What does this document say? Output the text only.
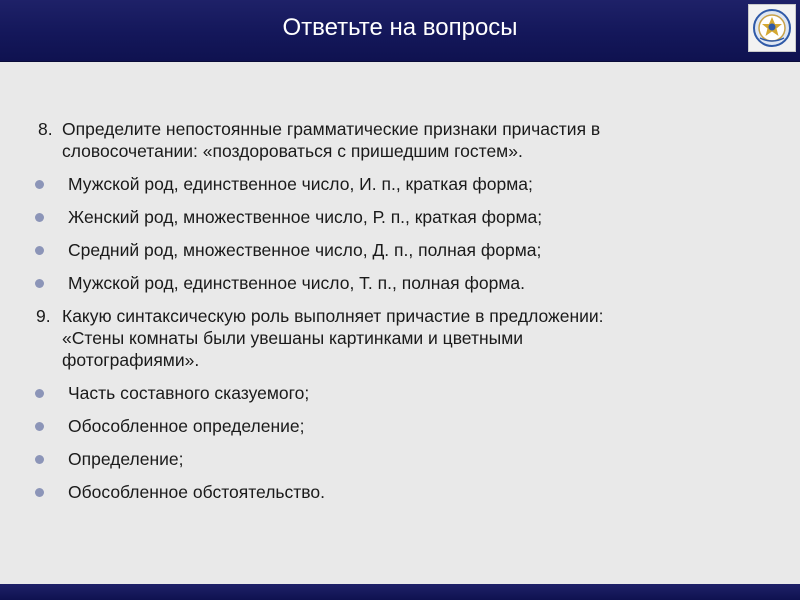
Ответьте на вопросы
8. Определите непостоянные грамматические признаки причастия в
словосочетании: «поздороваться с пришедшим гостем».
Мужской род, единственное число, И. п., краткая форма;
Женский род, множественное число, Р. п., краткая форма;
Средний род, множественное число, Д. п., полная форма;
Мужской род, единственное число, Т. п., полная форма.
9. Какую синтаксическую роль выполняет причастие в предложении:
«Стены комнаты были увешаны картинками и цветными
фотографиями».
Часть составного сказуемого;
Обособленное определение;
Определение;
Обособленное обстоятельство.
